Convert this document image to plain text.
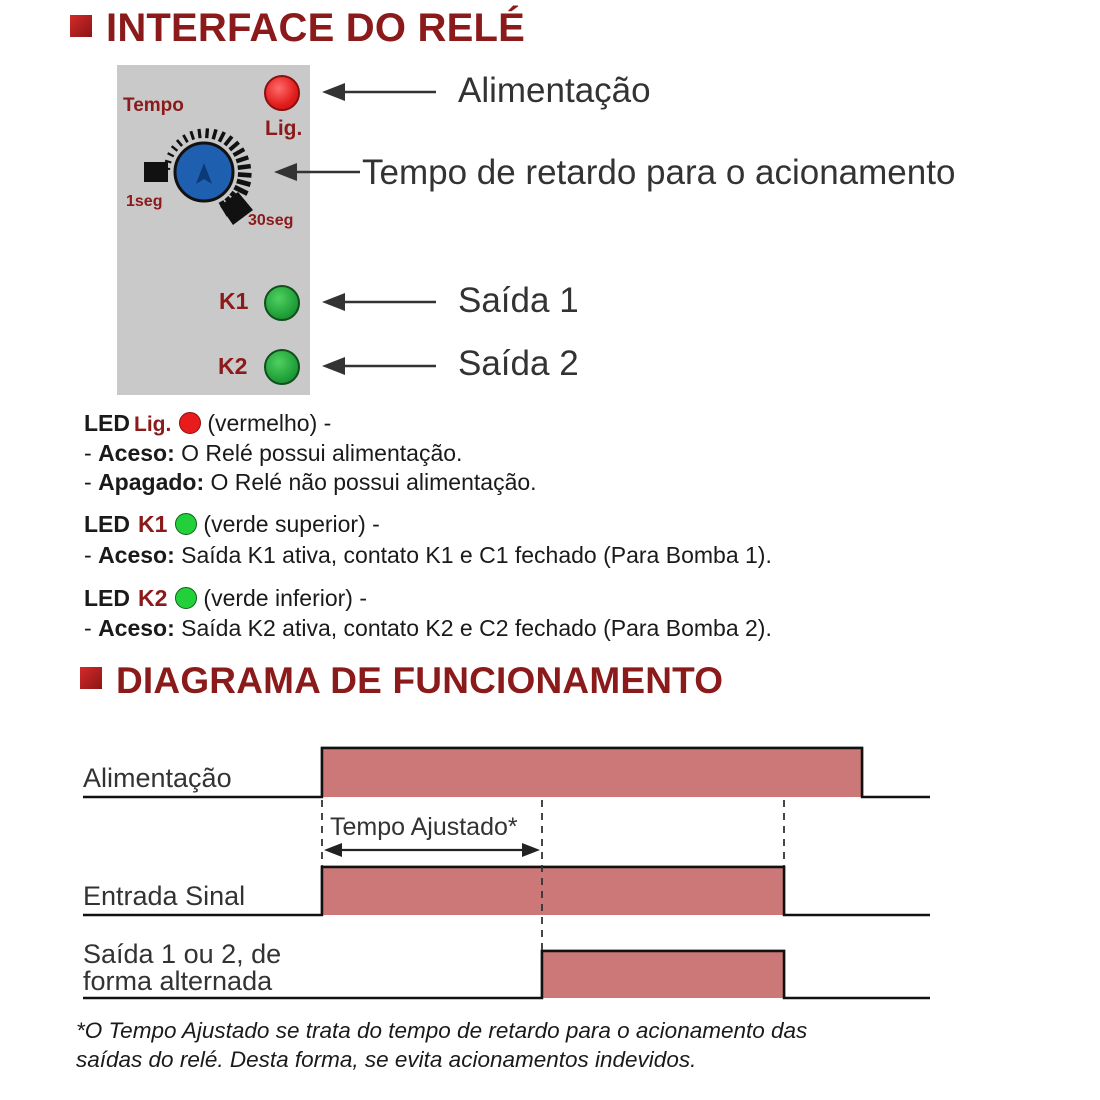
INTERFACE DO RELÉ
Tempo
Lig.
1seg
30seg
K1
K2
Alimentação
Tempo de retardo para o acionamento
Saída 1
Saída 2
LED Lig. (vermelho) -
- Aceso: O Relé possui alimentação.
- Apagado: O Relé não possui alimentação.
LED K1 (verde superior) -
- Aceso: Saída K1 ativa, contato K1 e C1 fechado (Para Bomba 1).
LED K2 (verde inferior) -
- Aceso: Saída K2 ativa, contato K2 e C2 fechado (Para Bomba 2).
DIAGRAMA DE FUNCIONAMENTO
Alimentação
Tempo Ajustado*
Entrada Sinal
Saída 1 ou 2, de
forma alternada
*O Tempo Ajustado se trata do tempo de retardo para o acionamento das
saídas do relé. Desta forma, se evita acionamentos indevidos.
